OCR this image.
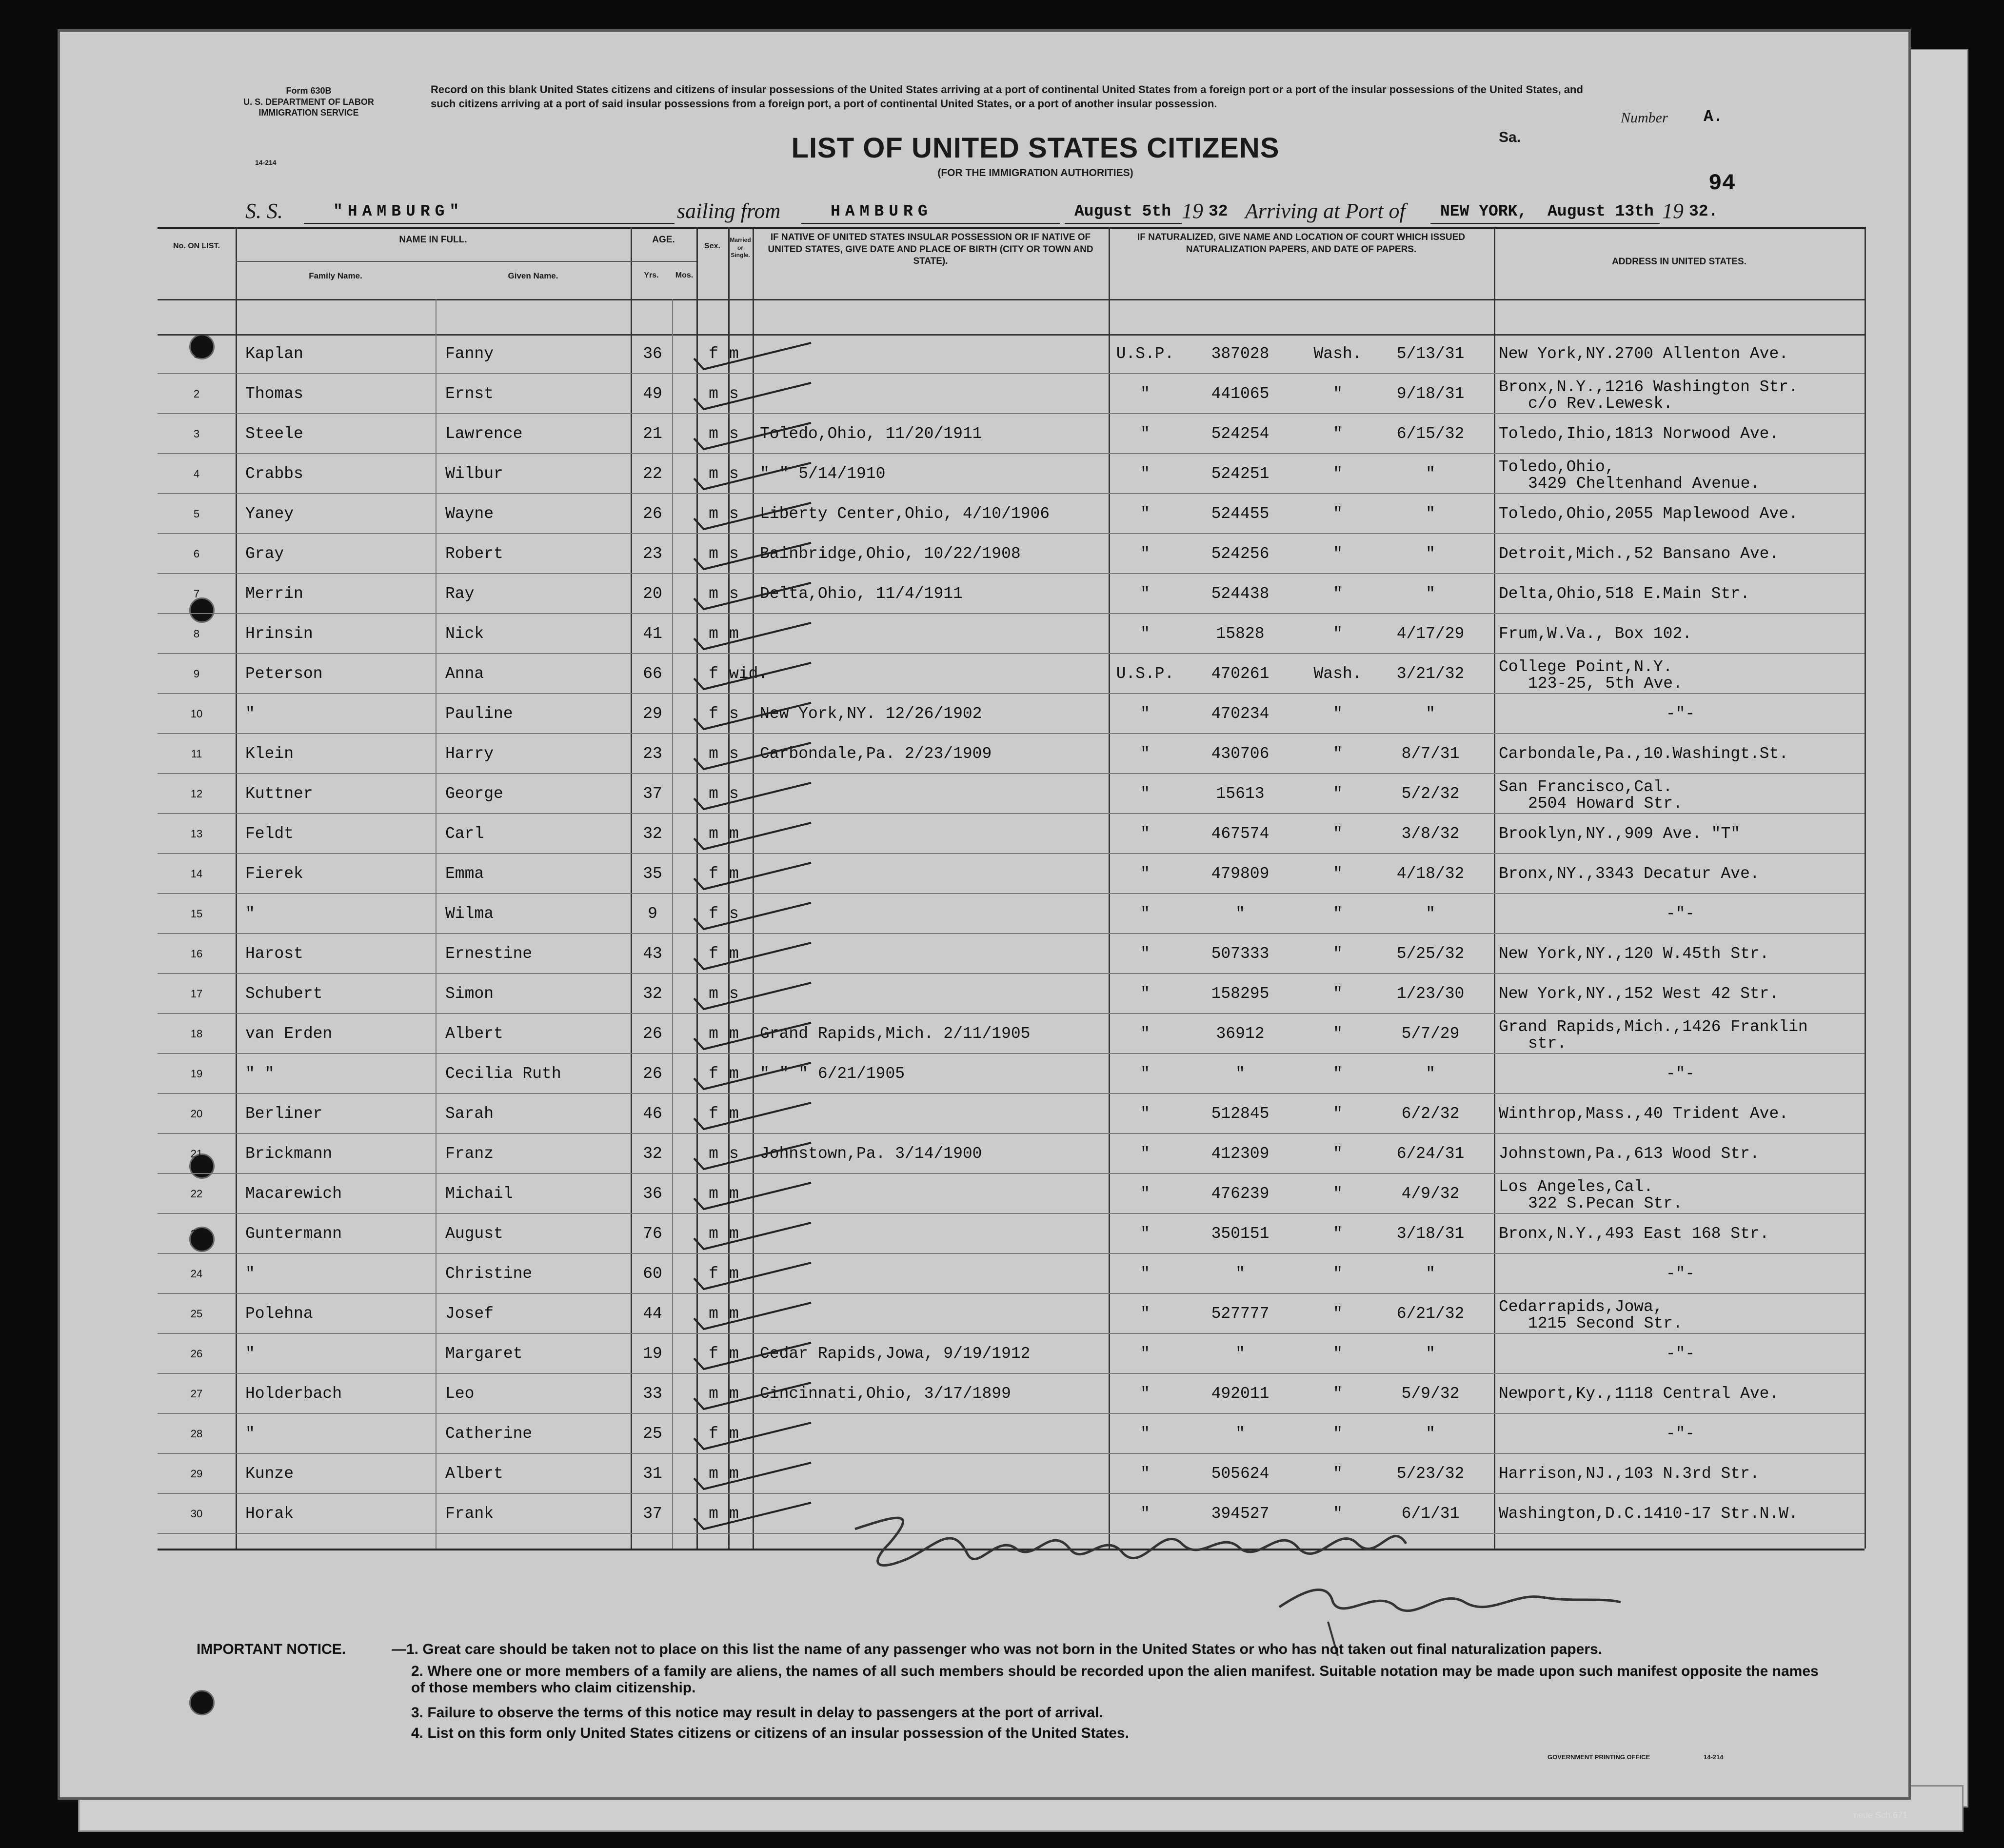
Form 630B
U. S. DEPARTMENT OF LABOR
IMMIGRATION SERVICE
14-214
Record on this blank United States citizens and citizens of insular possessions of the United States arriving at a port of continental United States from a foreign port or a port of the insular possessions of the United States, and such citizens arriving at a port of said insular possessions from a foreign port, a port of continental United States, or a port of another insular possession.
Number A.
Sa.
LIST OF UNITED STATES CITIZENS
(FOR THE IMMIGRATION AUTHORITIES)	94
S. S.	"HAMBURG"	sailing from	HAMBURG	August 5th 19 32 Arriving at Port of NEW YORK, August 13th 19 32.
No. ON LIST.
NAME IN FULL.
Family Name.	Given Name.
AGE.
Yrs.	Mos.
Sex.
Married or Single.
IF NATIVE OF UNITED STATES INSULAR POSSESSION OR IF NATIVE OF UNITED STATES, GIVE DATE AND PLACE OF BIRTH (CITY OR TOWN AND STATE).
IF NATURALIZED, GIVE NAME AND LOCATION OF COURT WHICH ISSUED NATURALIZATION PAPERS, AND DATE OF PAPERS.
ADDRESS IN UNITED STATES.
1	Kaplan	Fanny	36	f m	U.S.P.	387028	Wash.	5/13/31	New York,NY.2700 Allenton Ave.
2	Thomas	Ernst	49	m s	"	441065	"	9/18/31	Bronx,N.Y.,1216 Washington Str.
c/o Rev.Lewesk.
3	Steele	Lawrence	21	m s	Toledo,Ohio, 11/20/1911	"	524254	"	6/15/32	Toledo,Ihio,1813 Norwood Ave.
4	Crabbs	Wilbur	22	m s	" " 5/14/1910	"	524251	"	"	Toledo,Ohio,
3429 Cheltenhand Avenue.
5	Yaney	Wayne	26	m s	Liberty Center,Ohio, 4/10/1906	"	524455	"	"	Toledo,Ohio,2055 Maplewood Ave.
6	Gray	Robert	23	m s	Bainbridge,Ohio, 10/22/1908	"	524256	"	"	Detroit,Mich.,52 Bansano Ave.
7	Merrin	Ray	20	m s	Delta,Ohio, 11/4/1911	"	524438	"	"	Delta,Ohio,518 E.Main Str.
8	Hrinsin	Nick	41	m m	"	15828	"	4/17/29	Frum,W.Va., Box 102.
9	Peterson	Anna	66	f wid.	U.S.P.	470261	Wash.	3/21/32	College Point,N.Y.
123-25, 5th Ave.
10	"	Pauline	29	f s	New York,NY. 12/26/1902	"	470234	"	"	-"-
11	Klein	Harry	23	m s	Carbondale,Pa. 2/23/1909	"	430706	"	8/7/31	Carbondale,Pa.,10.Washingt.St.
12	Kuttner	George	37	m s	"	15613	"	5/2/32	San Francisco,Cal.
2504 Howard Str.
13	Feldt	Carl	32	m m	"	467574	"	3/8/32	Brooklyn,NY.,909 Ave. "T"
14	Fierek	Emma	35	f m	"	479809	"	4/18/32	Bronx,NY.,3343 Decatur Ave.
15	"	Wilma	9	f s	"	"	"	"	-"-
16	Harost	Ernestine	43	f m	"	507333	"	5/25/32	New York,NY.,120 W.45th Str.
17	Schubert	Simon	32	m s	"	158295	"	1/23/30	New York,NY.,152 West 42 Str.
18	van Erden	Albert	26	m m	Grand Rapids,Mich. 2/11/1905	"	36912	"	5/7/29	Grand Rapids,Mich.,1426 Franklin
str.
19	" "	Cecilia Ruth	26	f m	" " " 6/21/1905	"	"	"	"	-"-
20	Berliner	Sarah	46	f m	"	512845	"	6/2/32	Winthrop,Mass.,40 Trident Ave.
21	Brickmann	Franz	32	m s	Johnstown,Pa. 3/14/1900	"	412309	"	6/24/31	Johnstown,Pa.,613 Wood Str.
22	Macarewich	Michail	36	m m	"	476239	"	4/9/32	Los Angeles,Cal.
322 S.Pecan Str.
23	Guntermann	August	76	m m	"	350151	"	3/18/31	Bronx,N.Y.,493 East 168 Str.
24	"	Christine	60	f m	"	"	"	"	-"-
25	Polehna	Josef	44	m m	"	527777	"	6/21/32	Cedarrapids,Jowa,
1215 Second Str.
26	"	Margaret	19	f m	Cedar Rapids,Jowa, 9/19/1912	"	"	"	"	-"-
27	Holderbach	Leo	33	m m	Cincinnati,Ohio, 3/17/1899	"	492011	"	5/9/32	Newport,Ky.,1118 Central Ave.
28	"	Catherine	25	f m	"	"	"	"	-"-
29	Kunze	Albert	31	m m	"	505624	"	5/23/32	Harrison,NJ.,103 N.3rd Str.
30	Horak	Frank	37	m m	"	394527	"	6/1/31	Washington,D.C.1410-17 Str.N.W.
IMPORTANT NOTICE.	—1. Great care should be taken not to place on this list the name of any passenger who was not born in the United States or who has not taken out final naturalization papers.
2. Where one or more members of a family are aliens, the names of all such members should be recorded upon the alien manifest. Suitable notation may be made upon such manifest opposite the names of those members who claim citizenship.
3. Failure to observe the terms of this notice may result in delay to passengers at the port of arrival.
4. List on this form only United States citizens or citizens of an insular possession of the United States.
GOVERNMENT PRINTING OFFICE	14-214
neue Sch.671
